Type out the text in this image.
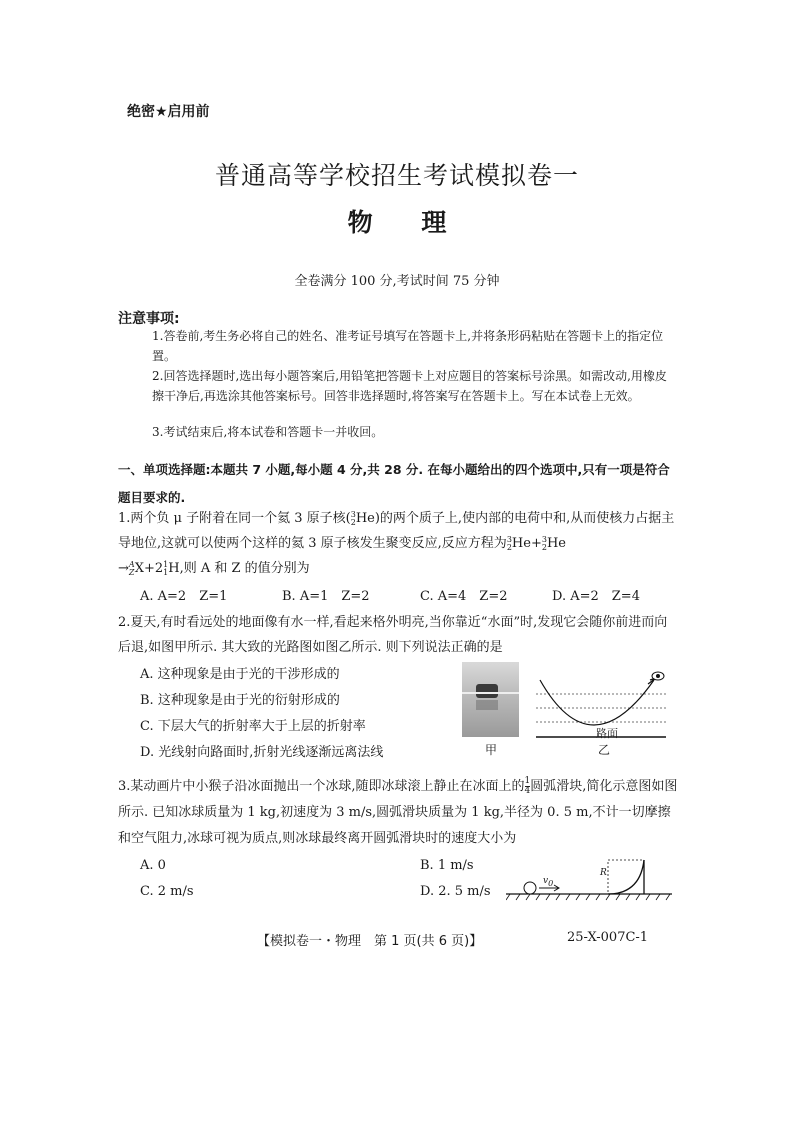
绝密★启用前
普通高等学校招生考试模拟卷一
物 理
全卷满分 100 分,考试时间 75 分钟
注意事项:
1.答卷前,考生务必将自己的姓名、准考证号填写在答题卡上,并将条形码粘贴在答题卡上的指定位置。
2.回答选择题时,选出每小题答案后,用铅笔把答题卡上对应题目的答案标号涂黑。如需改动,用橡皮擦干净后,再选涂其他答案标号。回答非选择题时,将答案写在答题卡上。写在本试卷上无效。
3.考试结束后,将本试卷和答题卡一并收回。
一、单项选择题:本题共 7 小题,每小题 4 分,共 28 分. 在每小题给出的四个选项中,只有一项是符合题目要求的.
1.两个负 μ 子附着在同一个氦 3 原子核( 3
2 He)的两个质子上,使内部的电荷中和,从而使核力占据主导地位,这就可以使两个这样的氦 3 原子核发生聚变反应,反应方程为 3
2 He+ 3
2 He
→ A
Z X+2 1
1 H,则 A 和 Z 的值分别为
A. A=2　Z=1	B. A=1　Z=2	C. A=4　Z=2	D. A=2　Z=4
2.夏天,有时看远处的地面像有水一样,看起来格外明亮,当你靠近“水面”时,发现它会随你前进而向后退,如图甲所示. 其大致的光路图如图乙所示. 则下列说法正确的是
A. 这种现象是由于光的干涉形成的
B. 这种现象是由于光的衍射形成的
C. 下层大气的折射率大于上层的折射率
D. 光线射向路面时,折射光线逐渐远离法线	甲
路面
乙
3.某动画片中小猴子沿冰面抛出一个冰球,随即冰球滚上静止在冰面上的 $\frac{1}{4}$ 圆弧滑块,简化示意图如图所示. 已知冰球质量为 1 kg,初速度为 3 m/s,圆弧滑块质量为 1 kg,半径为 0. 5 m,不计一切摩擦和空气阻力,冰球可视为质点,则冰球最终离开圆弧滑块时的速度大小为
A. 0	B. 1 m/s
C. 2 m/s	D. 2. 5 m/s
$v_0$
R
【模拟卷一・物理　第 1 页(共 6 页)】	25-X-007C-1
